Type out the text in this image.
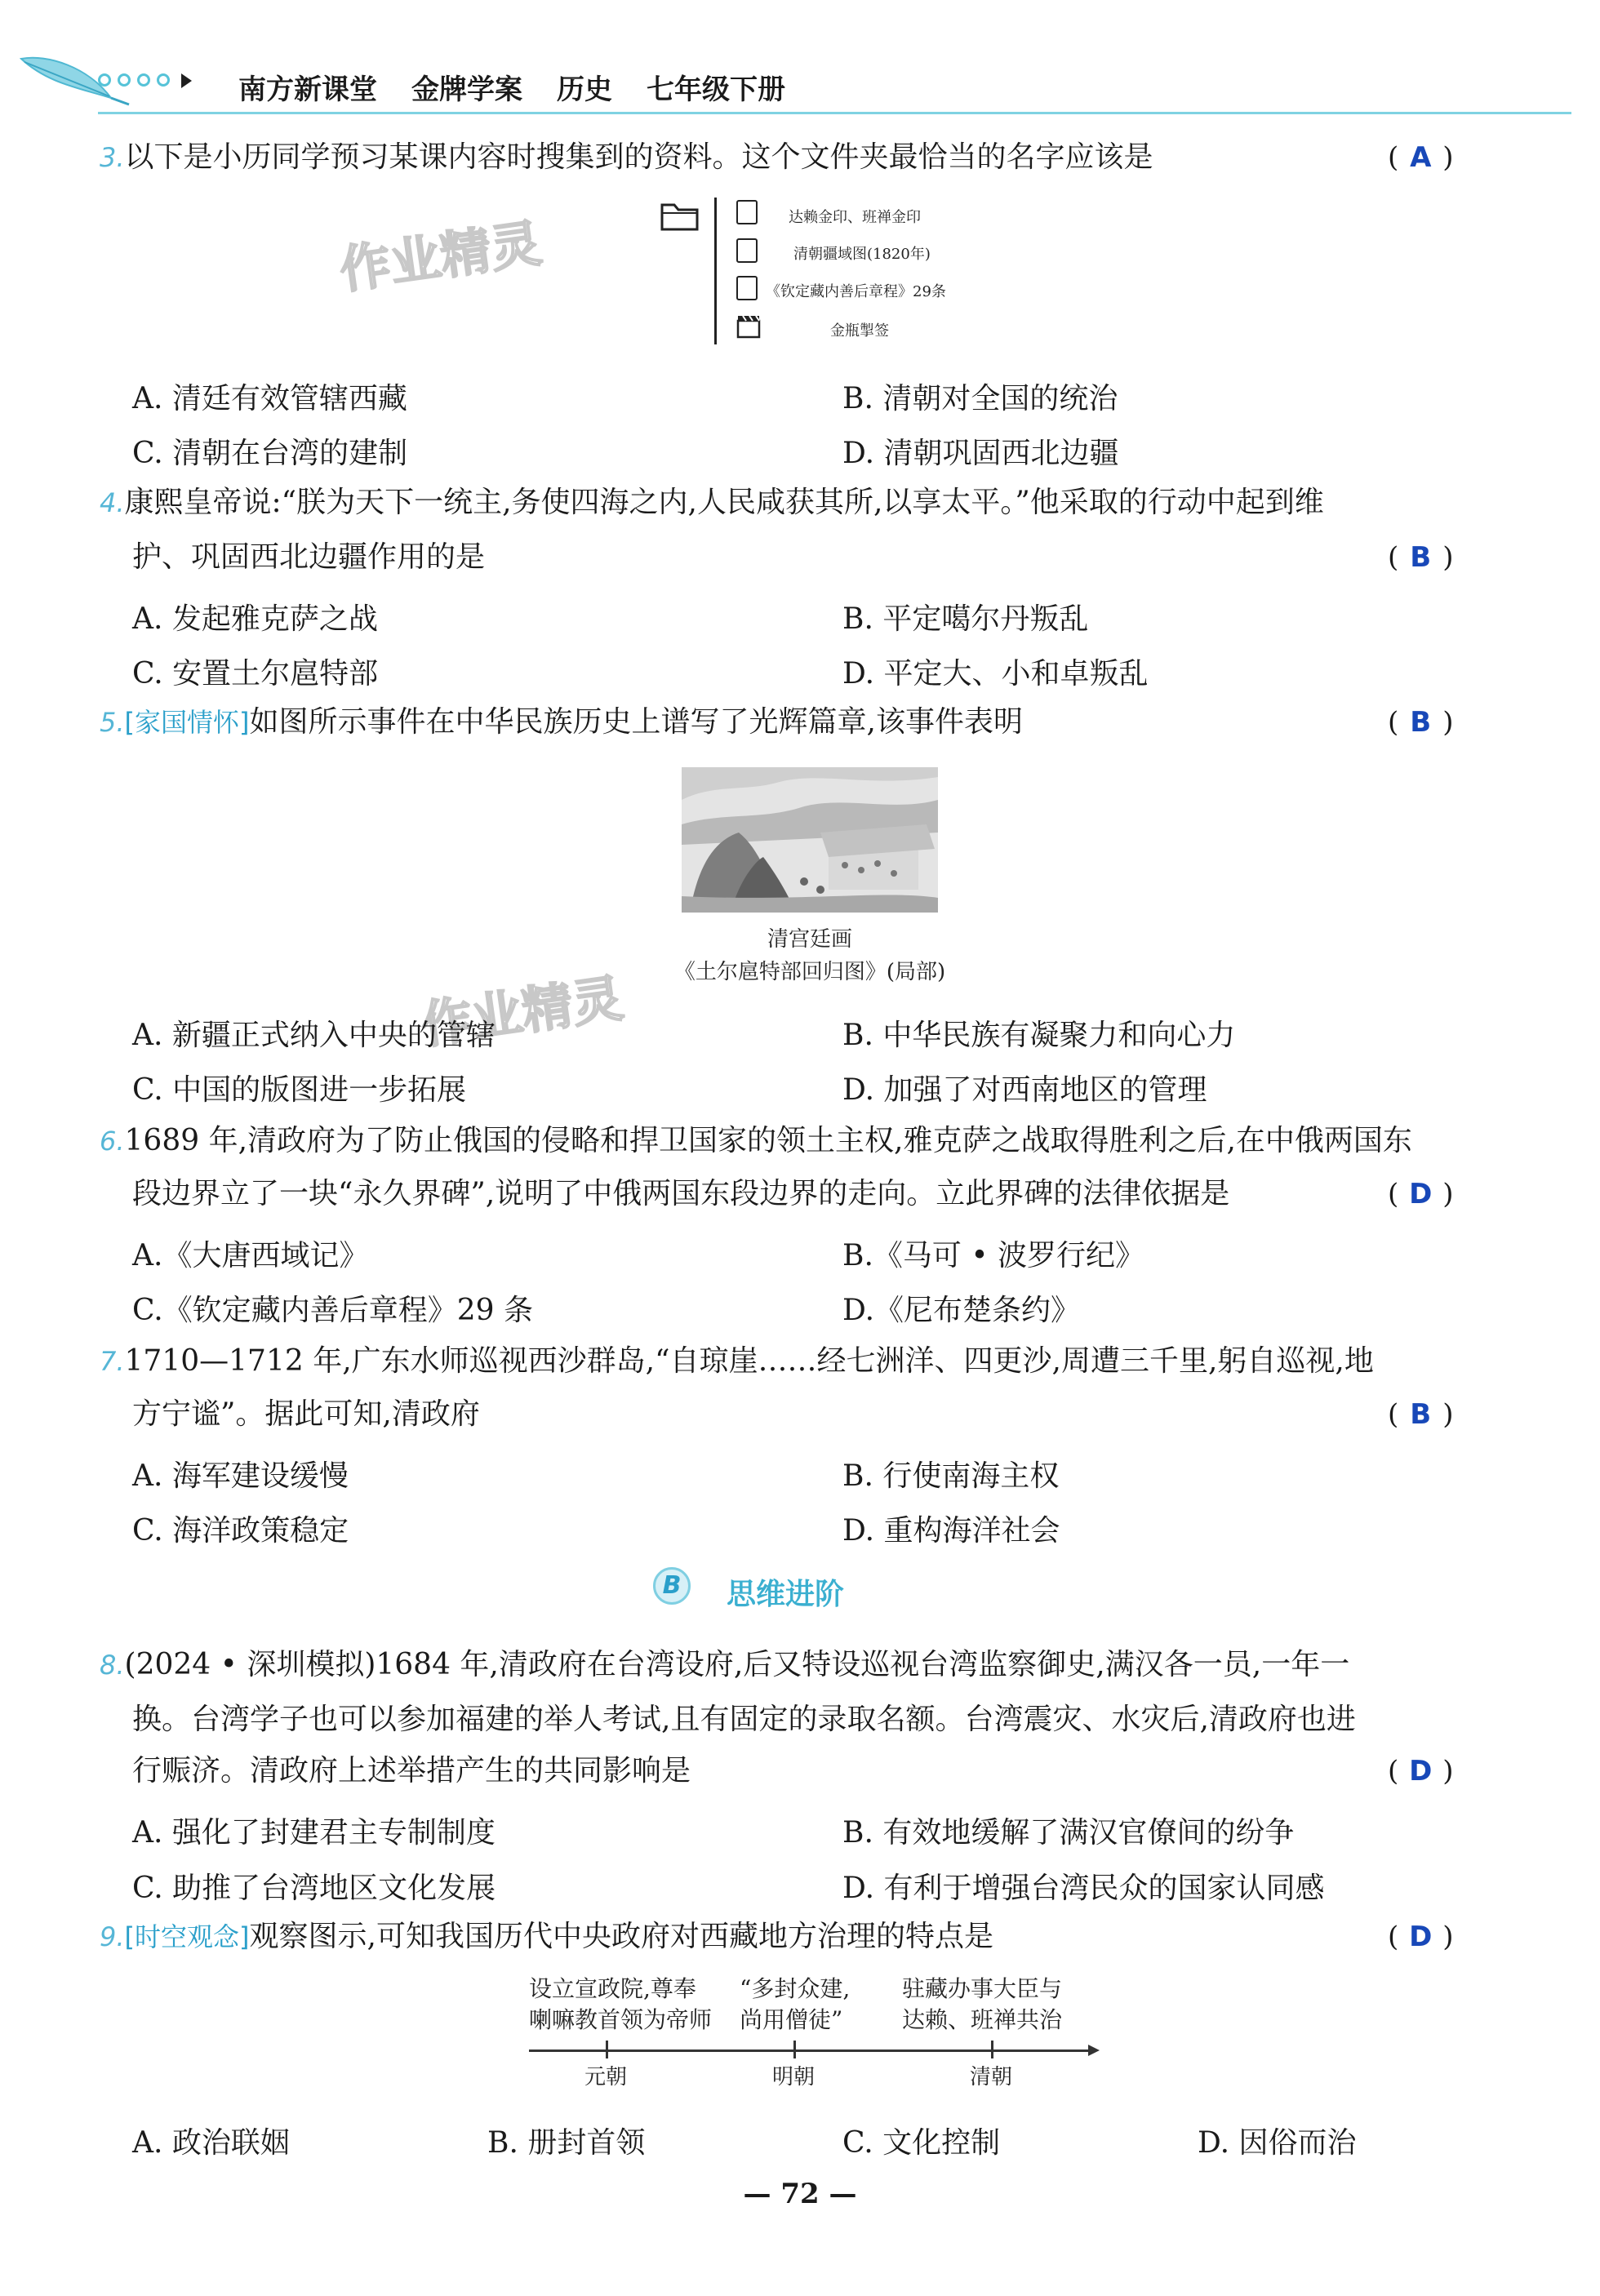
南方新课堂 金牌学案 历史 七年级下册
3.以下是小历同学预习某课内容时搜集到的资料。这个文件夹最恰当的名字应该是	( A )
达赖金印、班禅金印
清朝疆域图(1820年)
《钦定藏内善后章程》29条
金瓶掣签
作业精灵
A. 清廷有效管辖西藏	B. 清朝对全国的统治
C. 清朝在台湾的建制	D. 清朝巩固西北边疆
4.康熙皇帝说:“朕为天下一统主,务使四海之内,人民咸获其所,以享太平。”他采取的行动中起到维
护、巩固西北边疆作用的是	( B )
A. 发起雅克萨之战	B. 平定噶尔丹叛乱
C. 安置土尔扈特部	D. 平定大、小和卓叛乱
5.[家国情怀]如图所示事件在中华民族历史上谱写了光辉篇章,该事件表明	( B )
清宫廷画
《土尔扈特部回归图》(局部)
作业精灵
A. 新疆正式纳入中央的管辖	B. 中华民族有凝聚力和向心力
C. 中国的版图进一步拓展	D. 加强了对西南地区的管理
6.1689 年,清政府为了防止俄国的侵略和捍卫国家的领土主权,雅克萨之战取得胜利之后,在中俄两国东
段边界立了一块“永久界碑”,说明了中俄两国东段边界的走向。立此界碑的法律依据是	( D )
A.《大唐西域记》	B.《马可 • 波罗行纪》
C.《钦定藏内善后章程》29 条	D.《尼布楚条约》
7.1710—1712 年,广东水师巡视西沙群岛,“自琼崖……经七洲洋、四更沙,周遭三千里,躬自巡视,地
方宁谧”。据此可知,清政府	( B )
A. 海军建设缓慢	B. 行使南海主权
C. 海洋政策稳定	D. 重构海洋社会
B	思维进阶
8.(2024 • 深圳模拟)1684 年,清政府在台湾设府,后又特设巡视台湾监察御史,满汉各一员,一年一
换。台湾学子也可以参加福建的举人考试,且有固定的录取名额。台湾震灾、水灾后,清政府也进
行赈济。清政府上述举措产生的共同影响是	( D )
A. 强化了封建君主专制制度	B. 有效地缓解了满汉官僚间的纷争
C. 助推了台湾地区文化发展	D. 有利于增强台湾民众的国家认同感
9.[时空观念]观察图示,可知我国历代中央政府对西藏地方治理的特点是	( D )
设立宣政院,尊奉
喇嘛教首领为帝师
“多封众建,
尚用僧徒”
驻藏办事大臣与
达赖、班禅共治
元朝	明朝	清朝
A. 政治联姻	B. 册封首领	C. 文化控制	D. 因俗而治
— 72 —
